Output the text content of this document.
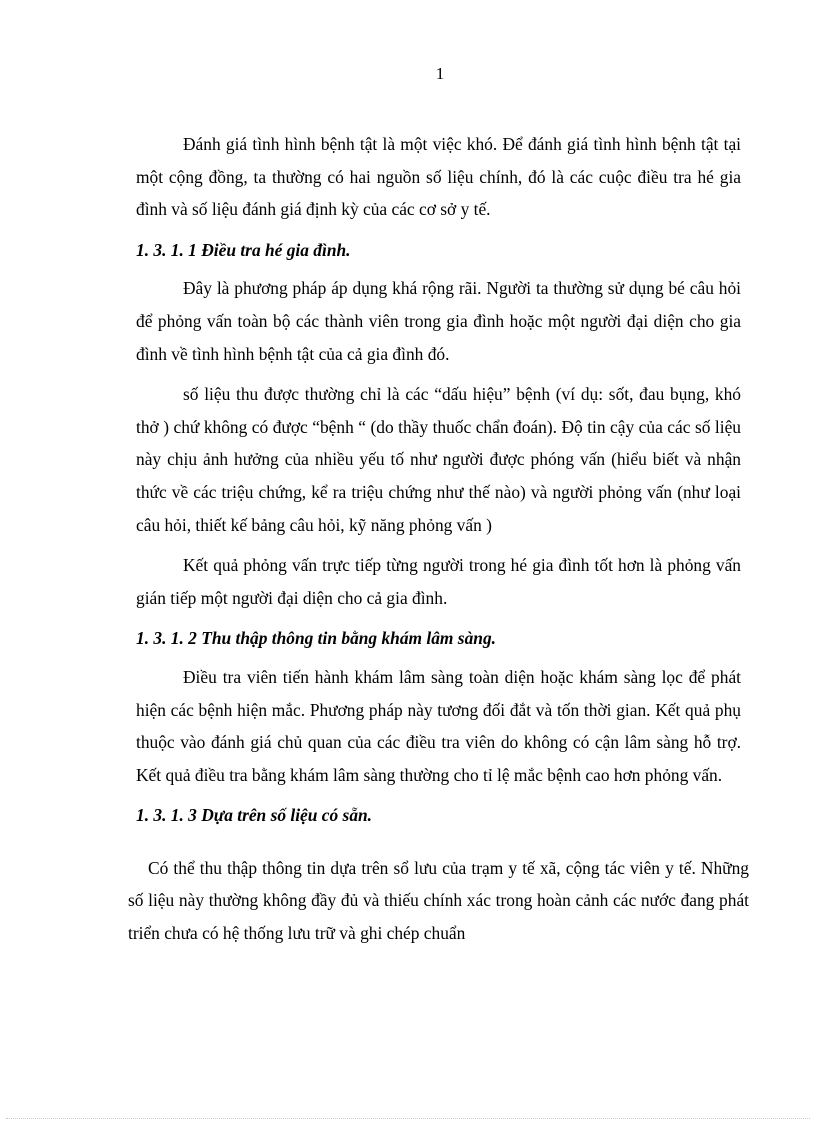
1

Đánh giá tình hình bệnh tật là một việc khó. Để đánh giá tình hình bệnh tật tại một cộng đồng, ta thường có hai nguồn số liệu chính, đó là các cuộc điều tra hé gia đình và số liệu đánh giá định kỳ của các cơ sở y tế.

1. 3. 1. 1 Điều tra hé gia đình.

Đây là phương pháp áp dụng khá rộng rãi. Người ta thường sử dụng bé câu hỏi để phỏng vấn toàn bộ các thành viên trong gia đình hoặc một người đại diện cho gia đình về tình hình bệnh tật của cả gia đình đó.

số liệu thu được thường chỉ là các “dấu hiệu” bệnh (ví dụ: sốt, đau bụng, khó thở ) chứ không có được “bệnh “ (do thầy thuốc chẩn đoán). Độ tin cậy của các số liệu này chịu ảnh hưởng của nhiều yếu tố như người được phóng vấn (hiểu biết và nhận thức về các triệu chứng, kể ra triệu chứng như thế nào) và người phỏng vấn (như loại câu hỏi, thiết kế bảng câu hỏi, kỹ năng phỏng vấn )

Kết quả phỏng vấn trực tiếp từng người trong hé gia đình tốt hơn là phỏng vấn gián tiếp một người đại diện cho cả gia đình.

1. 3. 1. 2 Thu thập thông tin bằng khám lâm sàng.

Điều tra viên tiến hành khám lâm sàng toàn diện hoặc khám sàng lọc để phát hiện các bệnh hiện mắc. Phương pháp này tương đối đắt và tốn thời gian. Kết quả phụ thuộc vào đánh giá chủ quan của các điều tra viên do không có cận lâm sàng hỗ trợ. Kết quả điều tra bằng khám lâm sàng thường cho tỉ lệ mắc bệnh cao hơn phỏng vấn.

1. 3. 1. 3 Dựa trên số liệu có sẵn.

Có thể thu thập thông tin dựa trên sổ lưu của trạm y tế xã, cộng tác viên y tế. Những số liệu này thường không đầy đủ và thiếu chính xác trong hoàn cảnh các nước đang phát triển chưa có hệ thống lưu trữ và ghi chép chuẩn
